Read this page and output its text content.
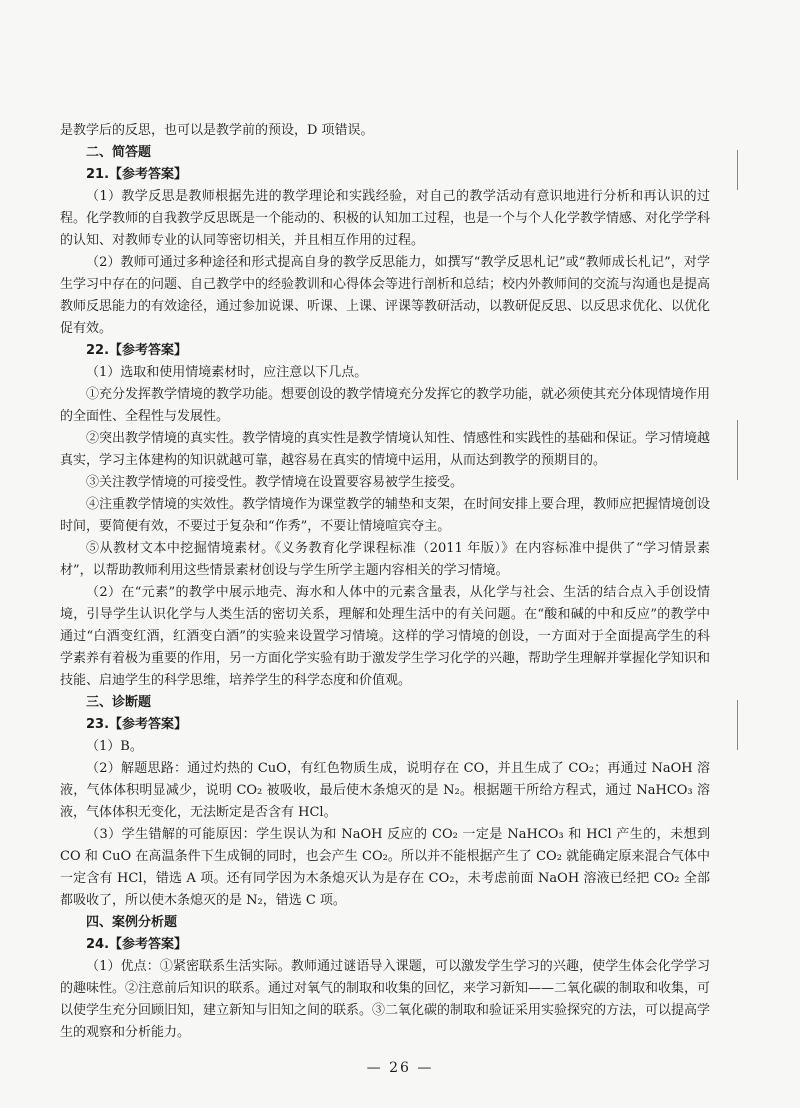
是教学后的反思，也可以是教学前的预设，D 项错误。

二、简答题

21.【参考答案】

（1）教学反思是教师根据先进的教学理论和实践经验，对自己的教学活动有意识地进行分析和再认识的过程。化学教师的自我教学反思既是一个能动的、积极的认知加工过程，也是一个与个人化学教学情感、对化学学科的认知、对教师专业的认同等密切相关，并且相互作用的过程。

（2）教师可通过多种途径和形式提高自身的教学反思能力，如撰写“教学反思札记”或“教师成长札记”，对学生学习中存在的问题、自己教学中的经验教训和心得体会等进行剖析和总结；校内外教师间的交流与沟通也是提高教师反思能力的有效途径，通过参加说课、听课、上课、评课等教研活动，以教研促反思、以反思求优化、以优化促有效。

22.【参考答案】

（1）选取和使用情境素材时，应注意以下几点。

①充分发挥教学情境的教学功能。想要创设的教学情境充分发挥它的教学功能，就必须使其充分体现情境作用的全面性、全程性与发展性。

②突出教学情境的真实性。教学情境的真实性是教学情境认知性、情感性和实践性的基础和保证。学习情境越真实，学习主体建构的知识就越可靠，越容易在真实的情境中运用，从而达到教学的预期目的。

③关注教学情境的可接受性。教学情境在设置要容易被学生接受。

④注重教学情境的实效性。教学情境作为课堂教学的辅垫和支架，在时间安排上要合理，教师应把握情境创设时间，要简便有效，不要过于复杂和“作秀”，不要让情境喧宾夺主。

⑤从教材文本中挖掘情境素材。《义务教育化学课程标准（2011 年版）》在内容标准中提供了“学习情景素材”，以帮助教师利用这些情景素材创设与学生所学主题内容相关的学习情境。

（2）在“元素”的教学中展示地壳、海水和人体中的元素含量表，从化学与社会、生活的结合点入手创设情境，引导学生认识化学与人类生活的密切关系，理解和处理生活中的有关问题。在“酸和碱的中和反应”的教学中通过“白酒变红酒，红酒变白酒”的实验来设置学习情境。这样的学习情境的创设，一方面对于全面提高学生的科学素养有着极为重要的作用，另一方面化学实验有助于激发学生学习化学的兴趣，帮助学生理解并掌握化学知识和技能、启迪学生的科学思维，培养学生的科学态度和价值观。

三、诊断题

23.【参考答案】

（1）B。

（2）解题思路：通过灼热的 CuO，有红色物质生成，说明存在 CO，并且生成了 CO₂；再通过 NaOH 溶液，气体体积明显减少，说明 CO₂ 被吸收，最后使木条熄灭的是 N₂。根据题干所给方程式，通过 NaHCO₃ 溶液，气体体积无变化，无法断定是否含有 HCl。

（3）学生错解的可能原因：学生误认为和 NaOH 反应的 CO₂ 一定是 NaHCO₃ 和 HCl 产生的，未想到 CO 和 CuO 在高温条件下生成铜的同时，也会产生 CO₂。所以并不能根据产生了 CO₂ 就能确定原来混合气体中一定含有 HCl，错选 A 项。还有同学因为木条熄灭认为是存在 CO₂，未考虑前面 NaOH 溶液已经把 CO₂ 全部都吸收了，所以使木条熄灭的是 N₂，错选 C 项。

四、案例分析题

24.【参考答案】

（1）优点：①紧密联系生活实际。教师通过谜语导入课题，可以激发学生学习的兴趣，使学生体会化学学习的趣味性。②注意前后知识的联系。通过对氧气的制取和收集的回忆，来学习新知——二氧化碳的制取和收集，可以使学生充分回顾旧知，建立新知与旧知之间的联系。③二氧化碳的制取和验证采用实验探究的方法，可以提高学生的观察和分析能力。

— 26 —
